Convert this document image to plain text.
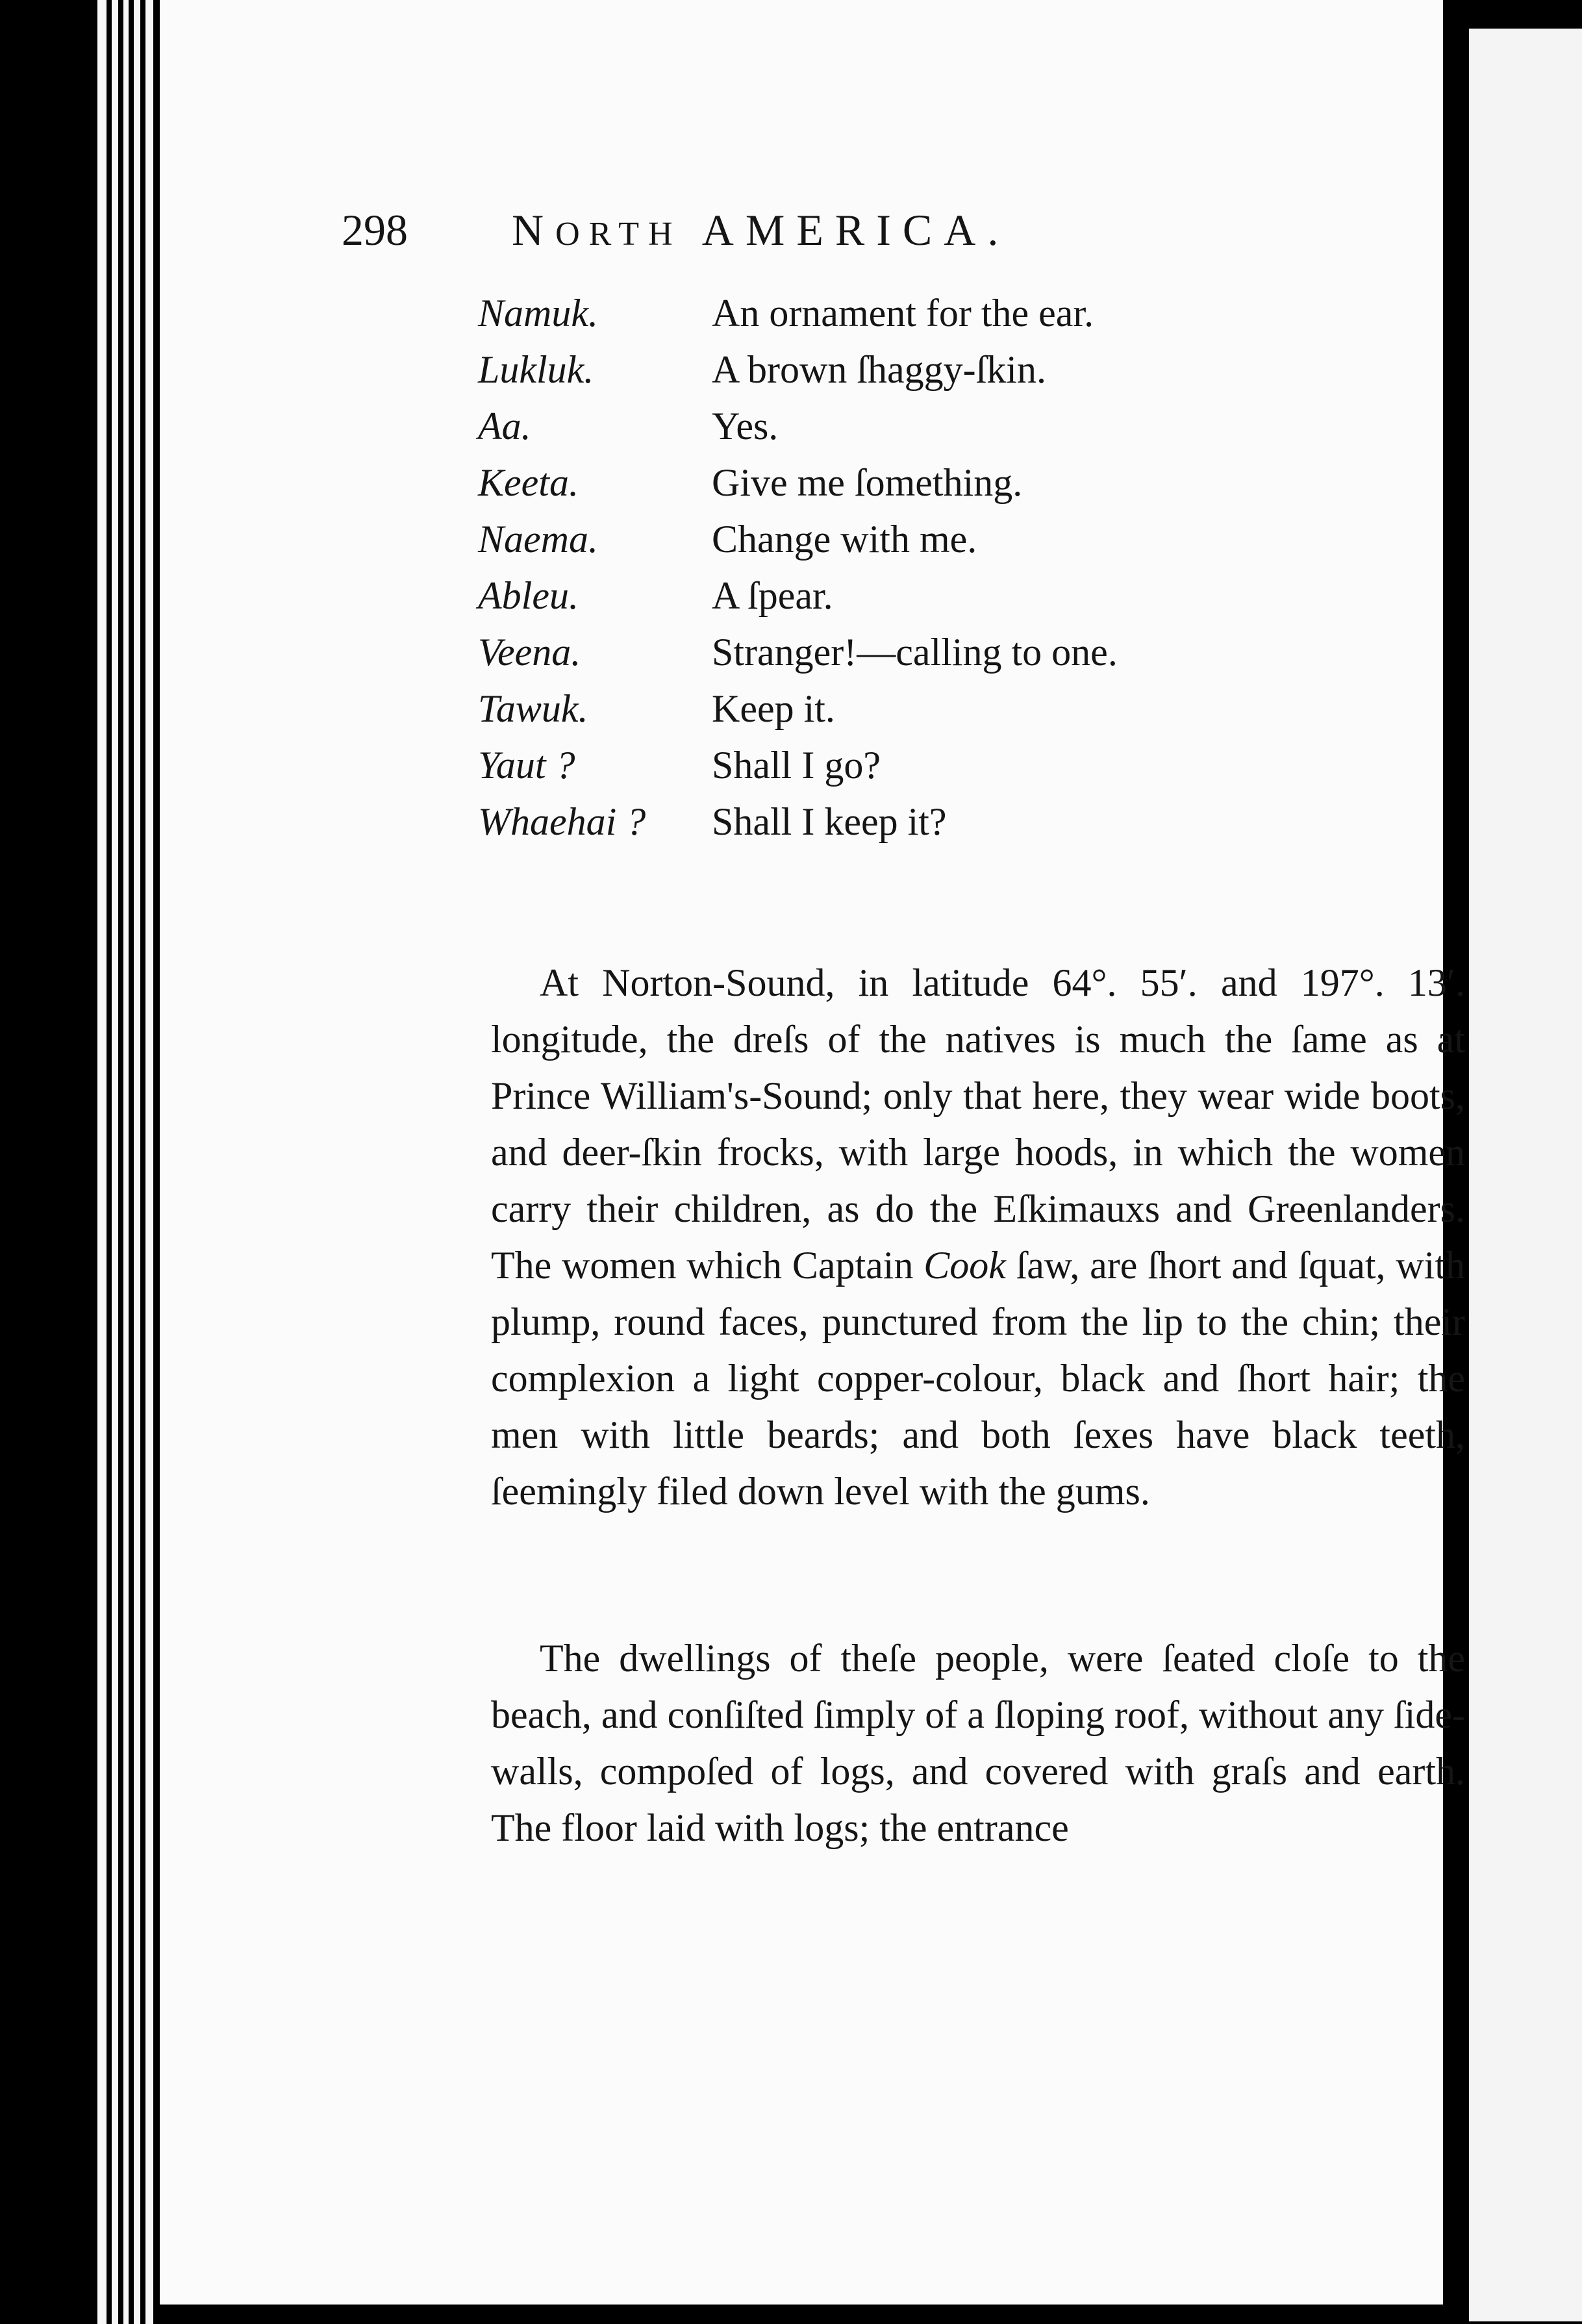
298 NORTH AMERICA.
Namuk.	An ornament for the ear.
Lukluk.	A brown ſhaggy-ſkin.
Aa.	Yes.
Keeta.	Give me ſomething.
Naema.	Change with me.
Ableu.	A ſpear.
Veena.	Stranger!—calling to one.
Tawuk.	Keep it.
Yaut ?	Shall I go?
Whaehai ? Shall I keep it?

At Norton-Sound, in latitude 64°. 55′. and 197°. 13′. longitude, the dreſs of the natives is much the ſame as at Prince William's-Sound; only that here, they wear wide boots, and deer-ſkin frocks, with large hoods, in which the women carry their children, as do the Eſkimauxs and Greenlanders. The women which Captain Cook ſaw, are ſhort and ſquat, with plump, round faces, punctured from the lip to the chin; their complexion a light copper-colour, black and ſhort hair; the men with little beards; and both ſexes have black teeth, ſeemingly filed down level with the gums.

The dwellings of theſe people, were ſeated cloſe to the beach, and conſiſted ſimply of a ſloping roof, without any ſide-walls, compoſed of logs, and covered with graſs and earth. The floor laid with logs; the entrance
